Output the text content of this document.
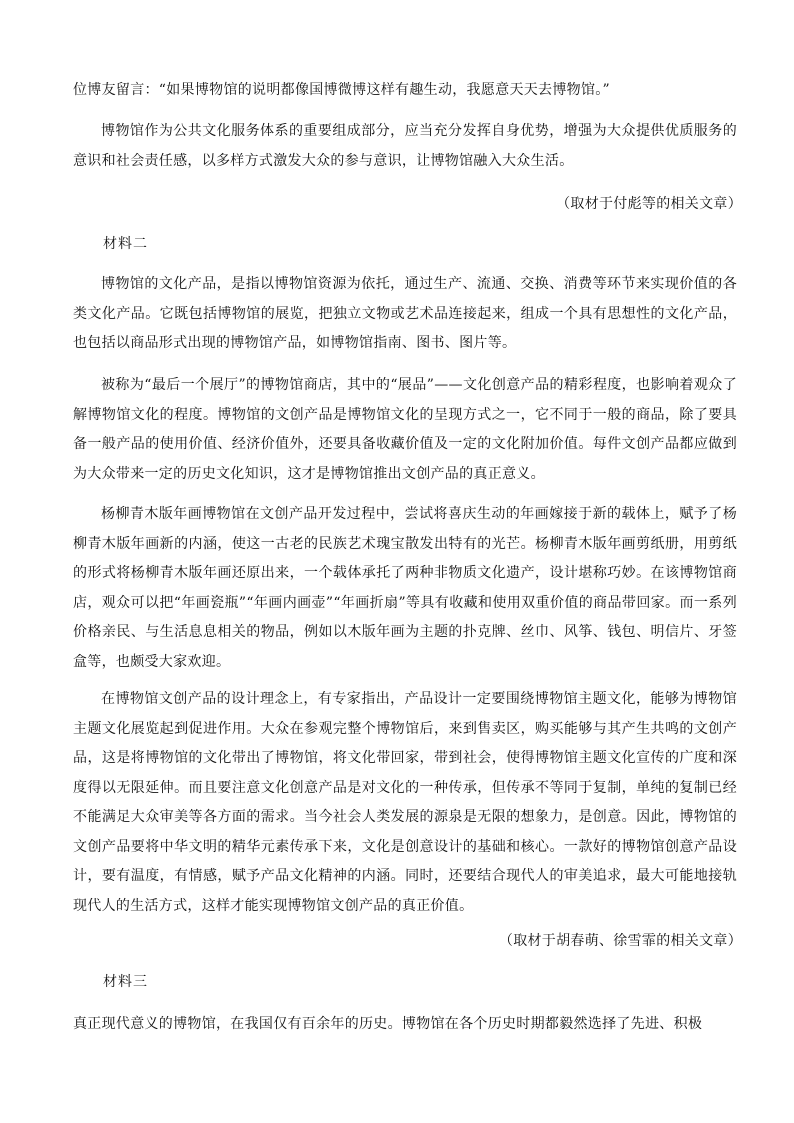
位博友留言：“如果博物馆的说明都像国博微博这样有趣生动，我愿意天天去博物馆。”

博物馆作为公共文化服务体系的重要组成部分，应当充分发挥自身优势，增强为大众提供优质服务的意识和社会责任感，以多样方式激发大众的参与意识，让博物馆融入大众生活。

（取材于付彪等的相关文章）

材料二

博物馆的文化产品，是指以博物馆资源为依托，通过生产、流通、交换、消费等环节来实现价值的各类文化产品。它既包括博物馆的展览，把独立文物或艺术品连接起来，组成一个具有思想性的文化产品，也包括以商品形式出现的博物馆产品，如博物馆指南、图书、图片等。

被称为“最后一个展厅”的博物馆商店，其中的“展品”——文化创意产品的精彩程度，也影响着观众了解博物馆文化的程度。博物馆的文创产品是博物馆文化的呈现方式之一，它不同于一般的商品，除了要具备一般产品的使用价值、经济价值外，还要具备收藏价值及一定的文化附加价值。每件文创产品都应做到为大众带来一定的历史文化知识，这才是博物馆推出文创产品的真正意义。

杨柳青木版年画博物馆在文创产品开发过程中，尝试将喜庆生动的年画嫁接于新的载体上，赋予了杨柳青木版年画新的内涵，使这一古老的民族艺术瑰宝散发出特有的光芒。杨柳青木版年画剪纸册，用剪纸的形式将杨柳青木版年画还原出来，一个载体承托了两种非物质文化遗产，设计堪称巧妙。在该博物馆商店，观众可以把“年画瓷瓶”“年画内画壶”“年画折扇”等具有收藏和使用双重价值的商品带回家。而一系列价格亲民、与生活息息相关的物品，例如以木版年画为主题的扑克牌、丝巾、风筝、钱包、明信片、牙签盒等，也颇受大家欢迎。

在博物馆文创产品的设计理念上，有专家指出，产品设计一定要围绕博物馆主题文化，能够为博物馆主题文化展览起到促进作用。大众在参观完整个博物馆后，来到售卖区，购买能够与其产生共鸣的文创产品，这是将博物馆的文化带出了博物馆，将文化带回家，带到社会，使得博物馆主题文化宣传的广度和深度得以无限延伸。而且要注意文化创意产品是对文化的一种传承，但传承不等同于复制，单纯的复制已经不能满足大众审美等各方面的需求。当今社会人类发展的源泉是无限的想象力，是创意。因此，博物馆的文创产品要将中华文明的精华元素传承下来，文化是创意设计的基础和核心。一款好的博物馆创意产品设计，要有温度，有情感，赋予产品文化精神的内涵。同时，还要结合现代人的审美追求，最大可能地接轨现代人的生活方式，这样才能实现博物馆文创产品的真正价值。

（取材于胡春萌、徐雪霏的相关文章）

材料三

真正现代意义的博物馆，在我国仅有百余年的历史。博物馆在各个历史时期都毅然选择了先进、积极
